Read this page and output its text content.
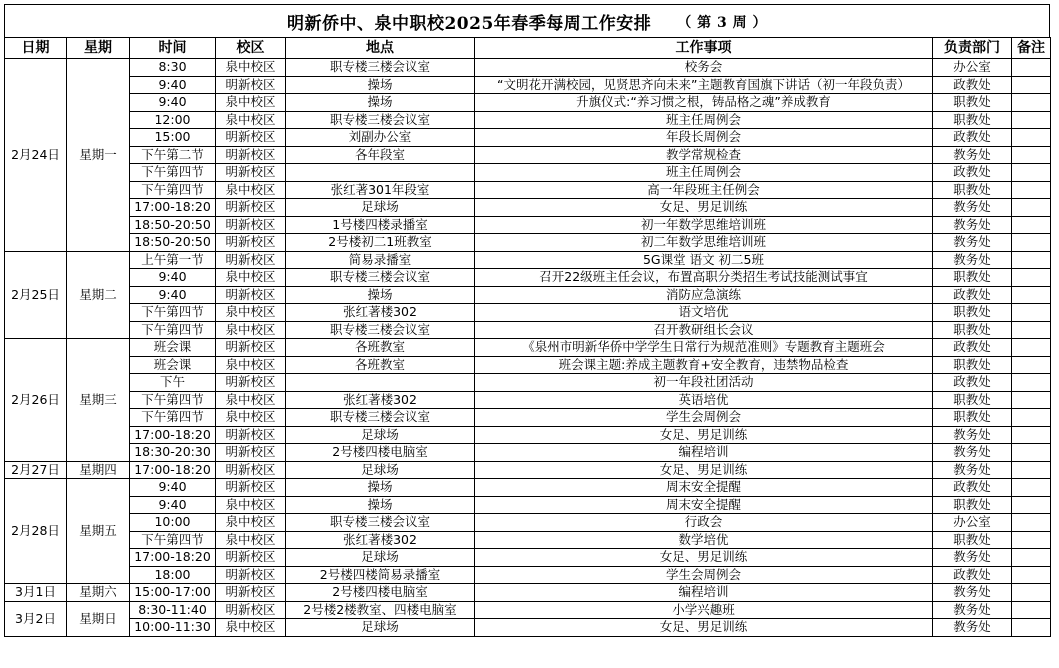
明新侨中、泉中职校2025年春季每周工作安排 （ 第 3 周 ）
日期	星期	时间	校区	地点	工作事项	负责部门	备注
2月24日	星期一	8:30	泉中校区	职专楼三楼会议室	校务会	办公室	
		9:40	明新校区	操场	“文明花开满校园，见贤思齐向未来”主题教育国旗下讲话（初一年段负责）	政教处	
		9:40	泉中校区	操场	升旗仪式:“养习惯之根，铸品格之魂”养成教育	职教处	
		12:00	泉中校区	职专楼三楼会议室	班主任周例会	职教处	
		15:00	明新校区	刘副办公室	年段长周例会	政教处	
		下午第二节	明新校区	各年段室	教学常规检查	教务处	
		下午第四节	明新校区		班主任周例会	政教处	
		下午第四节	泉中校区	张红著301年段室	高一年段班主任例会	职教处	
		17:00-18:20	明新校区	足球场	女足、男足训练	教务处	
		18:50-20:50	明新校区	1号楼四楼录播室	初一年数学思维培训班	教务处	
		18:50-20:50	明新校区	2号楼初二1班教室	初二年数学思维培训班	教务处	
2月25日	星期二	上午第一节	明新校区	简易录播室	5G课堂 语文 初二5班	教务处	
		9:40	泉中校区	职专楼三楼会议室	召开22级班主任会议，布置高职分类招生考试技能测试事宜	职教处	
		9:40	明新校区	操场	消防应急演练	政教处	
		下午第四节	泉中校区	张红著楼302	语文培优	职教处	
		下午第四节	泉中校区	职专楼三楼会议室	召开教研组长会议	职教处	
2月26日	星期三	班会课	明新校区	各班教室	《泉州市明新华侨中学学生日常行为规范准则》专题教育主题班会	政教处	
		班会课	泉中校区	各班教室	班会课主题:养成主题教育+安全教育，违禁物品检查	职教处	
		下午	明新校区		初一年段社团活动	政教处	
		下午第四节	泉中校区	张红著楼302	英语培优	职教处	
		下午第四节	泉中校区	职专楼三楼会议室	学生会周例会	职教处	
		17:00-18:20	明新校区	足球场	女足、男足训练	教务处	
		18:30-20:30	明新校区	2号楼四楼电脑室	编程培训	教务处	
2月27日	星期四	17:00-18:20	明新校区	足球场	女足、男足训练	教务处	
2月28日	星期五	9:40	明新校区	操场	周末安全提醒	政教处	
		9:40	泉中校区	操场	周末安全提醒	职教处	
		10:00	泉中校区	职专楼三楼会议室	行政会	办公室	
		下午第四节	泉中校区	张红著楼302	数学培优	职教处	
		17:00-18:20	明新校区	足球场	女足、男足训练	教务处	
		18:00	明新校区	2号楼四楼简易录播室	学生会周例会	政教处	
3月1日	星期六	15:00-17:00	明新校区	2号楼四楼电脑室	编程培训	教务处	
3月2日	星期日	8:30-11:40	明新校区	2号楼2楼教室、四楼电脑室	小学兴趣班	教务处	
		10:00-11:30	泉中校区	足球场	女足、男足训练	教务处	
